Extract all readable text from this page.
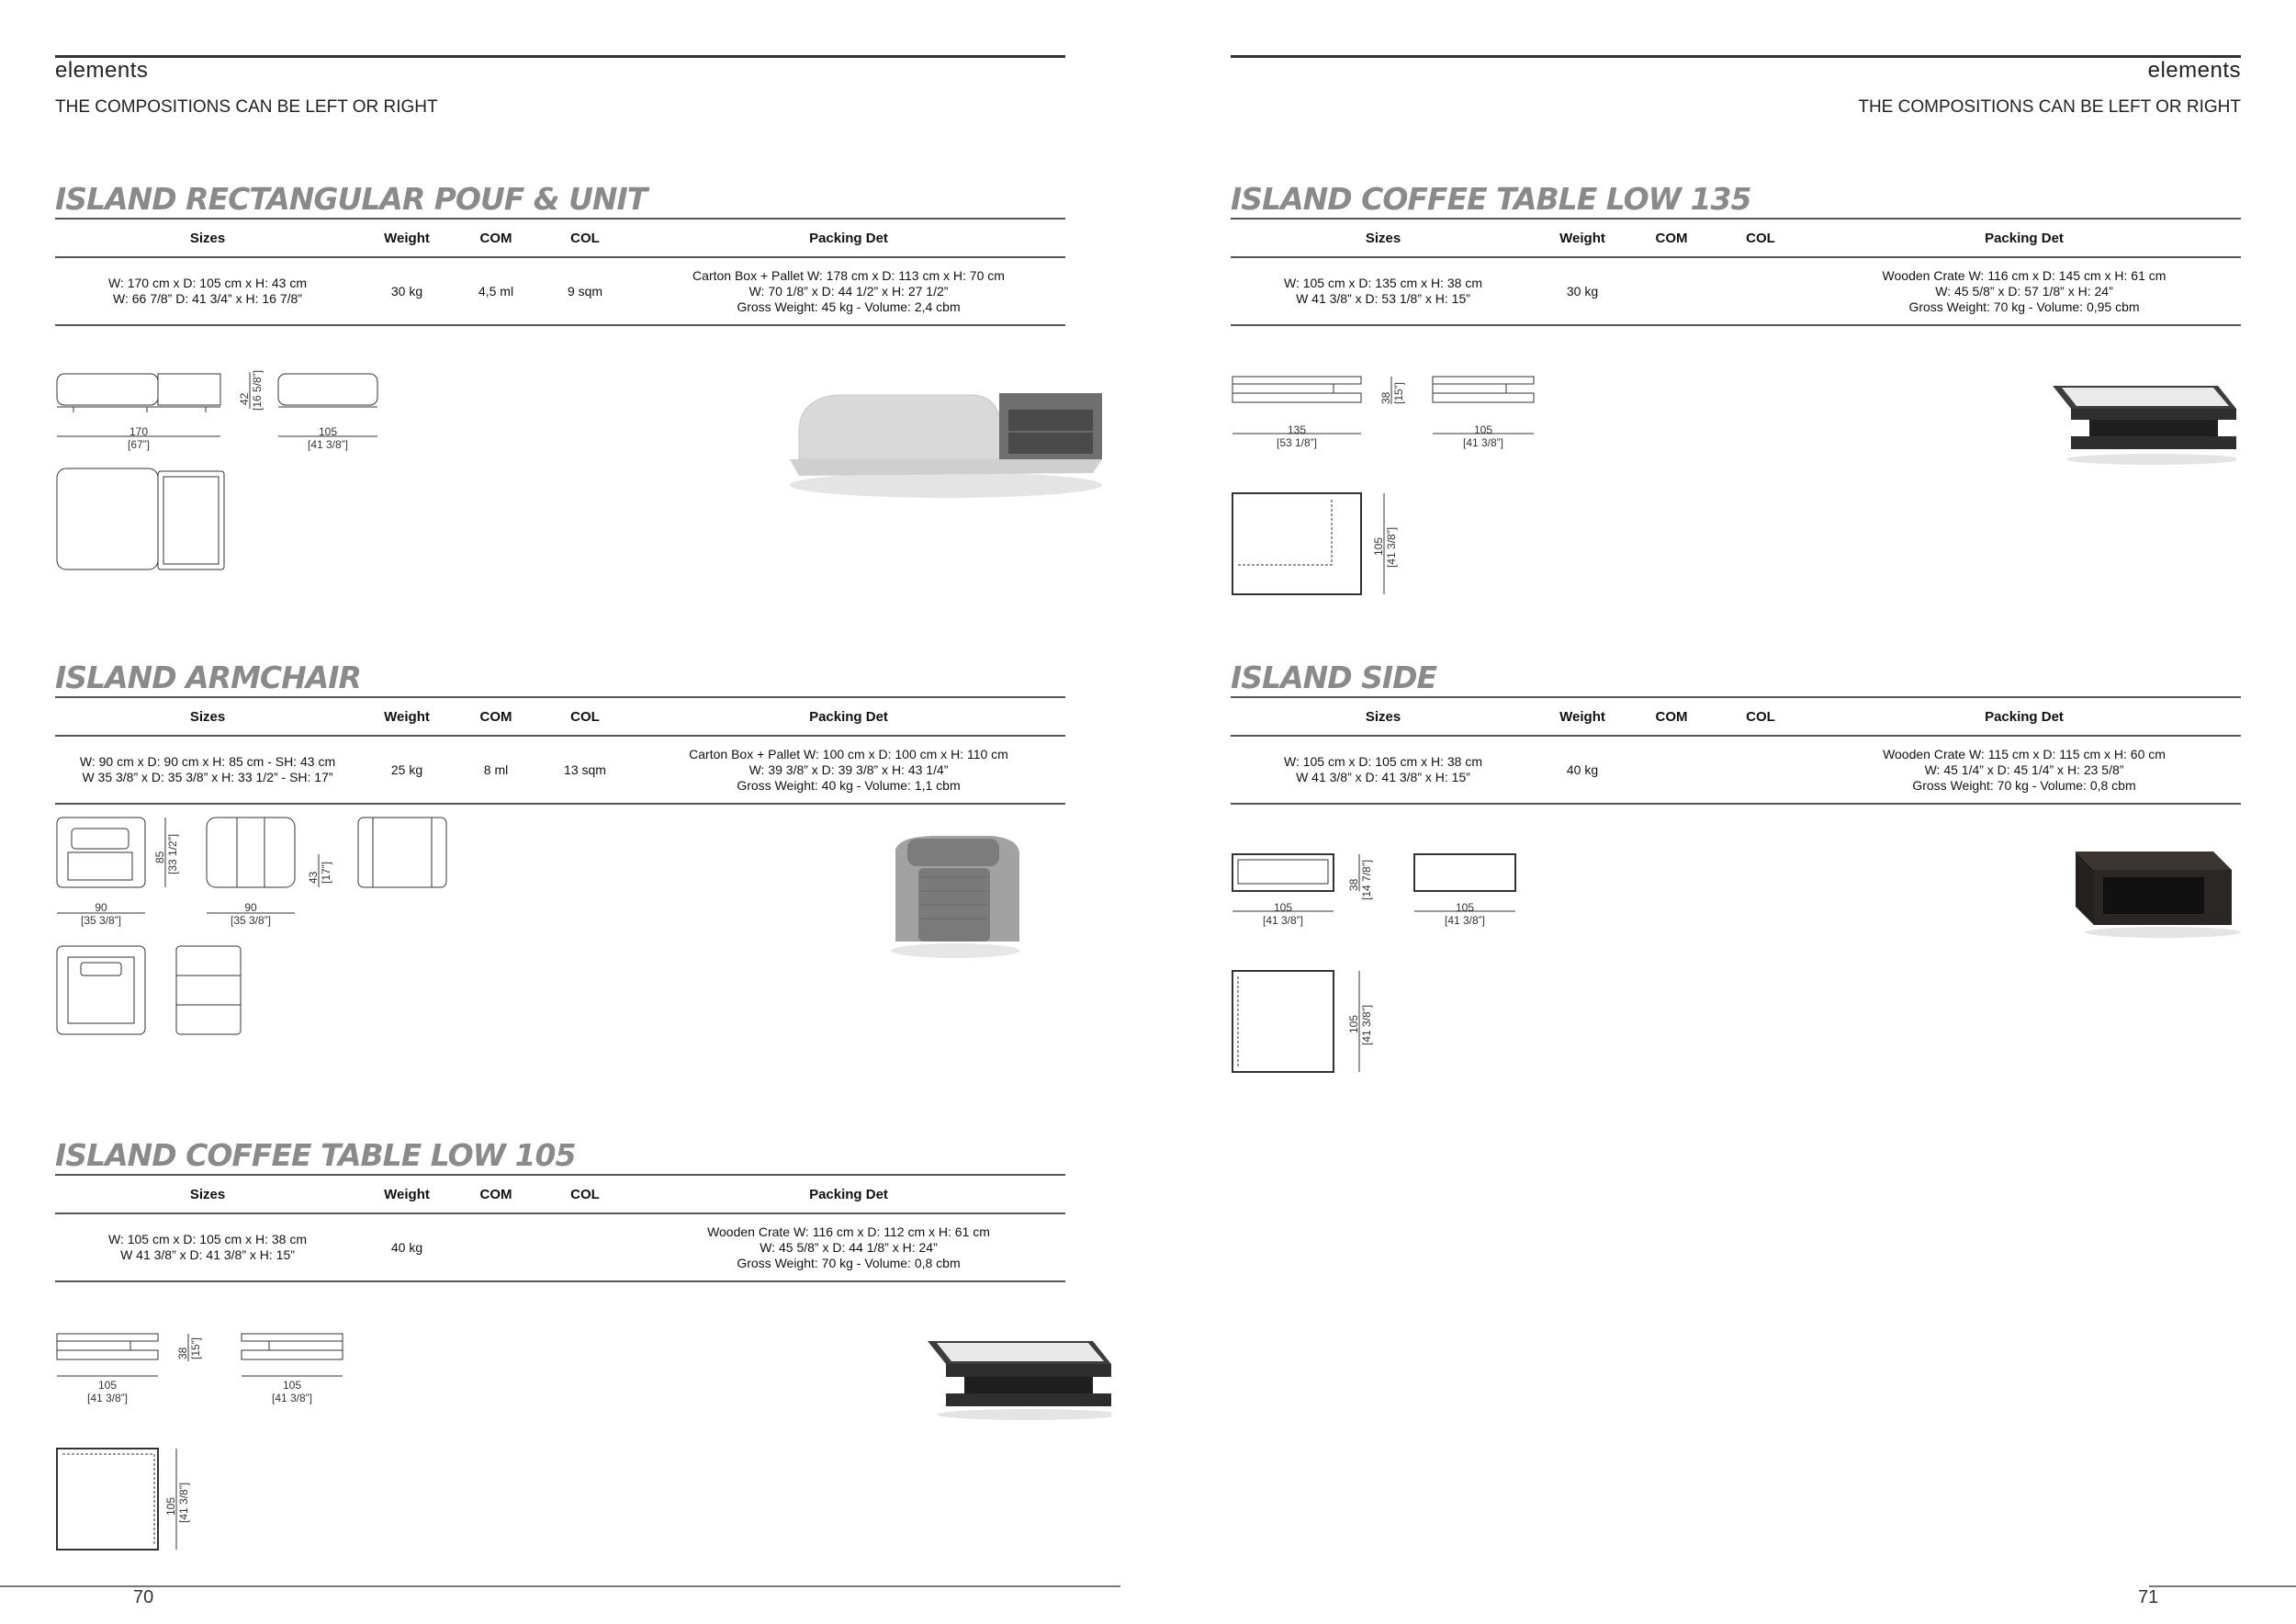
elements
THE COMPOSITIONS CAN BE LEFT OR RIGHT
ISLAND RECTANGULAR POUF & UNIT
Sizes	Weight	COM	COL	Packing Det

W: 170 cm x D: 105 cm x H: 43 cm
W: 66 7/8” D: 41 3/4” x H: 16 7/8”	30 kg	4,5 ml	9 sqm	Carton Box + Pallet W: 178 cm x D: 113 cm x H: 70 cm
W: 70 1/8” x D: 44 1/2” x H: 27 1/2”
Gross Weight: 45 kg - Volume: 2,4 cbm
170
[67”]
105
[41 3/8”]
42 [16 5/8”]
ISLAND ARMCHAIR
Sizes	Weight	COM	COL	Packing Det

W: 90 cm x D: 90 cm x H: 85 cm - SH: 43 cm
W 35 3/8” x D: 35 3/8” x H: 33 1/2” - SH: 17”	25 kg	8 ml	13 sqm	Carton Box + Pallet W: 100 cm x D: 100 cm x H: 110 cm
W: 39 3/8” x D: 39 3/8” x H: 43 1/4”
Gross Weight: 40 kg - Volume: 1,1 cbm
90
[35 3/8”]
90
[35 3/8”]
85 [33 1/2”]
43 [17”]
ISLAND COFFEE TABLE LOW 105
Sizes	Weight	COM	COL	Packing Det

W: 105 cm x D: 105 cm x H: 38 cm
W 41 3/8” x D: 41 3/8” x H: 15”	40 kg			Wooden Crate W: 116 cm x D: 112 cm x H: 61 cm
W: 45 5/8” x D: 44 1/8” x H: 24”
Gross Weight: 70 kg - Volume: 0,8 cbm
105
[41 3/8”]
105
[41 3/8”]
38 [15”]
105 [41 3/8”]
70
elements
THE COMPOSITIONS CAN BE LEFT OR RIGHT
ISLAND COFFEE TABLE LOW 135
Sizes	Weight	COM	COL	Packing Det

W: 105 cm x D: 135 cm x H: 38 cm
W 41 3/8” x D: 53 1/8” x H: 15”	30 kg			Wooden Crate W: 116 cm x D: 145 cm x H: 61 cm
W: 45 5/8” x D: 57 1/8” x H: 24”
Gross Weight: 70 kg - Volume: 0,95 cbm
135
[53 1/8”]
105
[41 3/8”]
38 [15”]
105 [41 3/8”]
ISLAND SIDE
Sizes	Weight	COM	COL	Packing Det

W: 105 cm x D: 105 cm x H: 38 cm
W 41 3/8” x D: 41 3/8” x H: 15”	40 kg			Wooden Crate W: 115 cm x D: 115 cm x H: 60 cm
W: 45 1/4” x D: 45 1/4” x H: 23 5/8”
Gross Weight: 70 kg - Volume: 0,8 cbm
105
[41 3/8”]
105
[41 3/8”]
38 [14 7/8”]
105 [41 3/8”]
71
